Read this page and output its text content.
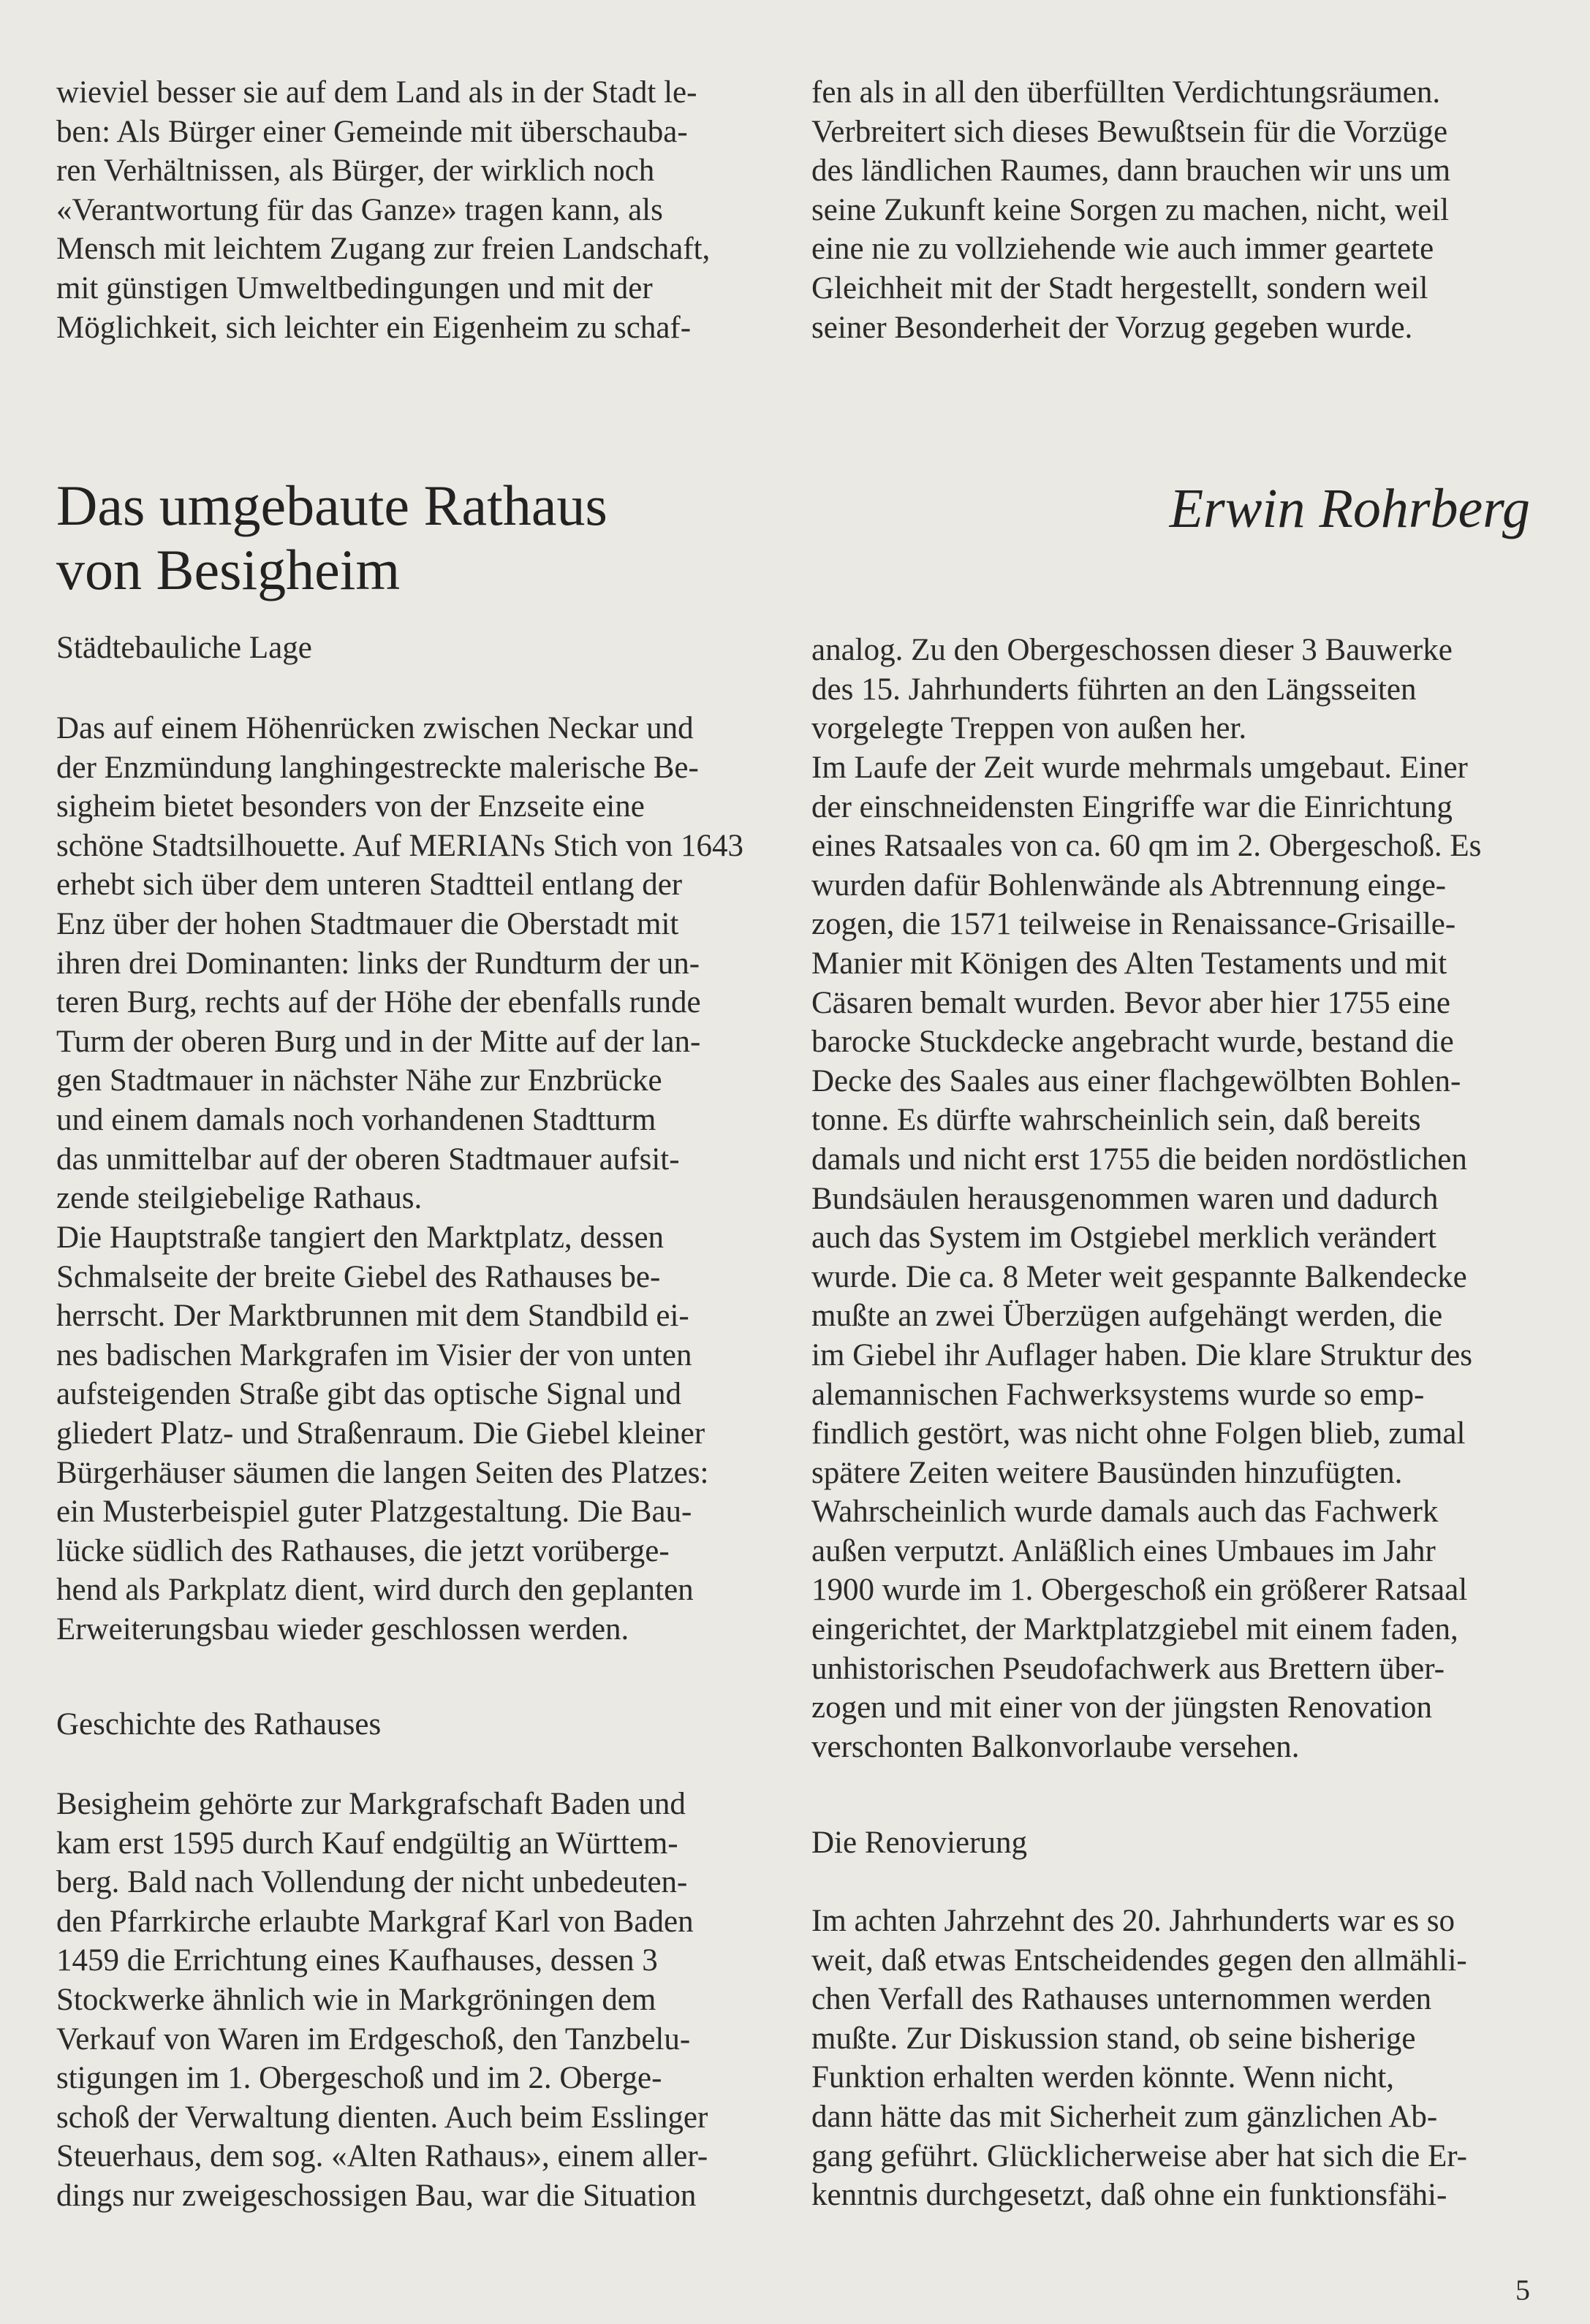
wieviel besser sie auf dem Land als in der Stadt le-
ben: Als Bürger einer Gemeinde mit überschauba-
ren Verhältnissen, als Bürger, der wirklich noch
«Verantwortung für das Ganze» tragen kann, als
Mensch mit leichtem Zugang zur freien Landschaft,
mit günstigen Umweltbedingungen und mit der
Möglichkeit, sich leichter ein Eigenheim zu schaf-

fen als in all den überfüllten Verdichtungsräumen.
Verbreitert sich dieses Bewußtsein für die Vorzüge
des ländlichen Raumes, dann brauchen wir uns um
seine Zukunft keine Sorgen zu machen, nicht, weil
eine nie zu vollziehende wie auch immer geartete
Gleichheit mit der Stadt hergestellt, sondern weil
seiner Besonderheit der Vorzug gegeben wurde.

Das umgebaute Rathaus
von Besigheim

Erwin Rohrberg

Städtebauliche Lage

Das auf einem Höhenrücken zwischen Neckar und
der Enzmündung langhingestreckte malerische Be-
sigheim bietet besonders von der Enzseite eine
schöne Stadtsilhouette. Auf MERIANs Stich von 1643
erhebt sich über dem unteren Stadtteil entlang der
Enz über der hohen Stadtmauer die Oberstadt mit
ihren drei Dominanten: links der Rundturm der un-
teren Burg, rechts auf der Höhe der ebenfalls runde
Turm der oberen Burg und in der Mitte auf der lan-
gen Stadtmauer in nächster Nähe zur Enzbrücke
und einem damals noch vorhandenen Stadtturm
das unmittelbar auf der oberen Stadtmauer aufsit-
zende steilgiebelige Rathaus.

Die Hauptstraße tangiert den Marktplatz, dessen
Schmalseite der breite Giebel des Rathauses be-
herrscht. Der Marktbrunnen mit dem Standbild ei-
nes badischen Markgrafen im Visier der von unten
aufsteigenden Straße gibt das optische Signal und
gliedert Platz- und Straßenraum. Die Giebel kleiner
Bürgerhäuser säumen die langen Seiten des Platzes:
ein Musterbeispiel guter Platzgestaltung. Die Bau-
lücke südlich des Rathauses, die jetzt vorüberge-
hend als Parkplatz dient, wird durch den geplanten
Erweiterungsbau wieder geschlossen werden.

Geschichte des Rathauses

Besigheim gehörte zur Markgrafschaft Baden und
kam erst 1595 durch Kauf endgültig an Württem-
berg. Bald nach Vollendung der nicht unbedeuten-
den Pfarrkirche erlaubte Markgraf Karl von Baden
1459 die Errichtung eines Kaufhauses, dessen 3
Stockwerke ähnlich wie in Markgröningen dem
Verkauf von Waren im Erdgeschoß, den Tanzbelu-
stigungen im 1. Obergeschoß und im 2. Oberge-
schoß der Verwaltung dienten. Auch beim Esslinger
Steuerhaus, dem sog. «Alten Rathaus», einem aller-
dings nur zweigeschossigen Bau, war die Situation

analog. Zu den Obergeschossen dieser 3 Bauwerke
des 15. Jahrhunderts führten an den Längsseiten
vorgelegte Treppen von außen her.

Im Laufe der Zeit wurde mehrmals umgebaut. Einer
der einschneidensten Eingriffe war die Einrichtung
eines Ratsaales von ca. 60 qm im 2. Obergeschoß. Es
wurden dafür Bohlenwände als Abtrennung einge-
zogen, die 1571 teilweise in Renaissance-Grisaille-
Manier mit Königen des Alten Testaments und mit
Cäsaren bemalt wurden. Bevor aber hier 1755 eine
barocke Stuckdecke angebracht wurde, bestand die
Decke des Saales aus einer flachgewölbten Bohlen-
tonne. Es dürfte wahrscheinlich sein, daß bereits
damals und nicht erst 1755 die beiden nordöstlichen
Bundsäulen herausgenommen waren und dadurch
auch das System im Ostgiebel merklich verändert
wurde. Die ca. 8 Meter weit gespannte Balkendecke
mußte an zwei Überzügen aufgehängt werden, die
im Giebel ihr Auflager haben. Die klare Struktur des
alemannischen Fachwerksystems wurde so emp-
findlich gestört, was nicht ohne Folgen blieb, zumal
spätere Zeiten weitere Bausünden hinzufügten.
Wahrscheinlich wurde damals auch das Fachwerk
außen verputzt. Anläßlich eines Umbaues im Jahr
1900 wurde im 1. Obergeschoß ein größerer Ratsaal
eingerichtet, der Marktplatzgiebel mit einem faden,
unhistorischen Pseudofachwerk aus Brettern über-
zogen und mit einer von der jüngsten Renovation
verschonten Balkonvorlaube versehen.

Die Renovierung

Im achten Jahrzehnt des 20. Jahrhunderts war es so
weit, daß etwas Entscheidendes gegen den allmähli-
chen Verfall des Rathauses unternommen werden
mußte. Zur Diskussion stand, ob seine bisherige
Funktion erhalten werden könnte. Wenn nicht,
dann hätte das mit Sicherheit zum gänzlichen Ab-
gang geführt. Glücklicherweise aber hat sich die Er-
kenntnis durchgesetzt, daß ohne ein funktionsfähi-

5
